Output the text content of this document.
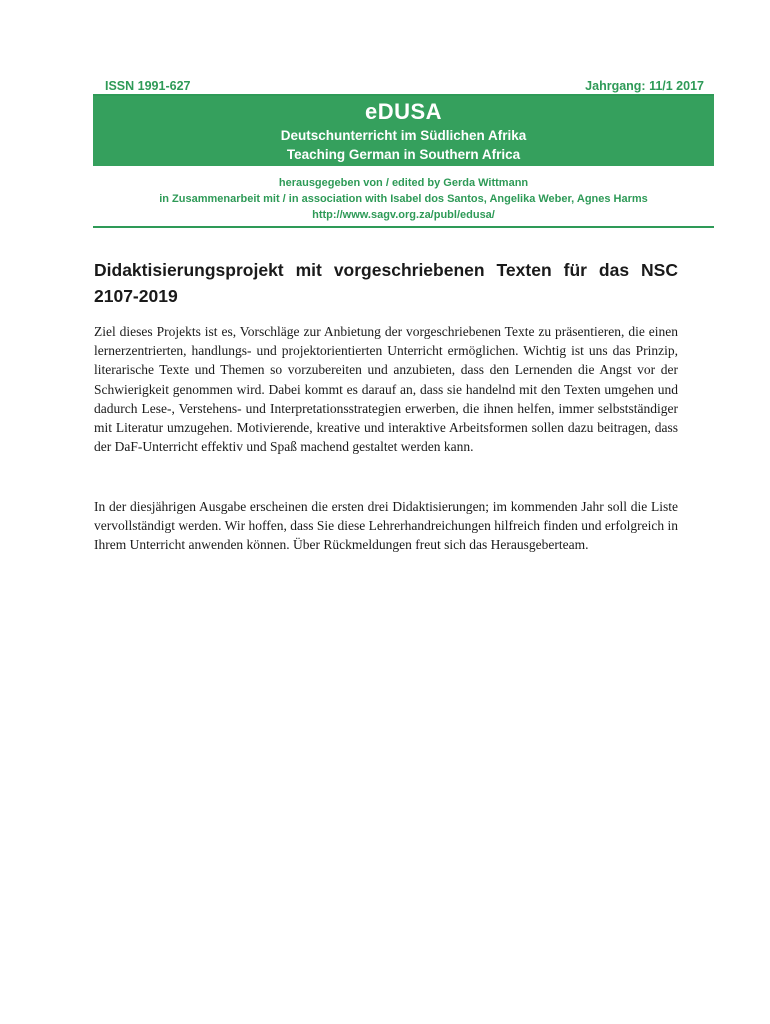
ISSN 1991-627	Jahrgang: 11/1 2017
eDUSA
Deutschunterricht im Südlichen Afrika
Teaching German in Southern Africa
herausgegeben von / edited by Gerda Wittmann
in Zusammenarbeit mit / in association with Isabel dos Santos, Angelika Weber, Agnes Harms
http://www.sagv.org.za/publ/edusa/
Didaktisierungsprojekt mit vorgeschriebenen Texten für das NSC 2107-2019

Ziel dieses Projekts ist es, Vorschläge zur Anbietung der vorgeschriebenen Texte zu präsentieren, die einen lernerzentrierten, handlungs- und projektorientierten Unterricht ermöglichen. Wichtig ist uns das Prinzip, literarische Texte und Themen so vorzubereiten und anzubieten, dass den Lernenden die Angst vor der Schwierigkeit genommen wird. Dabei kommt es darauf an, dass sie handelnd mit den Texten umgehen und dadurch Lese-, Verstehens- und Interpretationsstrategien erwerben, die ihnen helfen, immer selbstständiger mit Literatur umzugehen. Motivierende, kreative und interaktive Arbeitsformen sollen dazu beitragen, dass der DaF-Unterricht effektiv und Spaß machend gestaltet werden kann.

In der diesjährigen Ausgabe erscheinen die ersten drei Didaktisierungen; im kommenden Jahr soll die Liste vervollständigt werden. Wir hoffen, dass Sie diese Lehrerhandreichungen hilfreich finden und erfolgreich in Ihrem Unterricht anwenden können. Über Rückmeldungen freut sich das Herausgeberteam.
